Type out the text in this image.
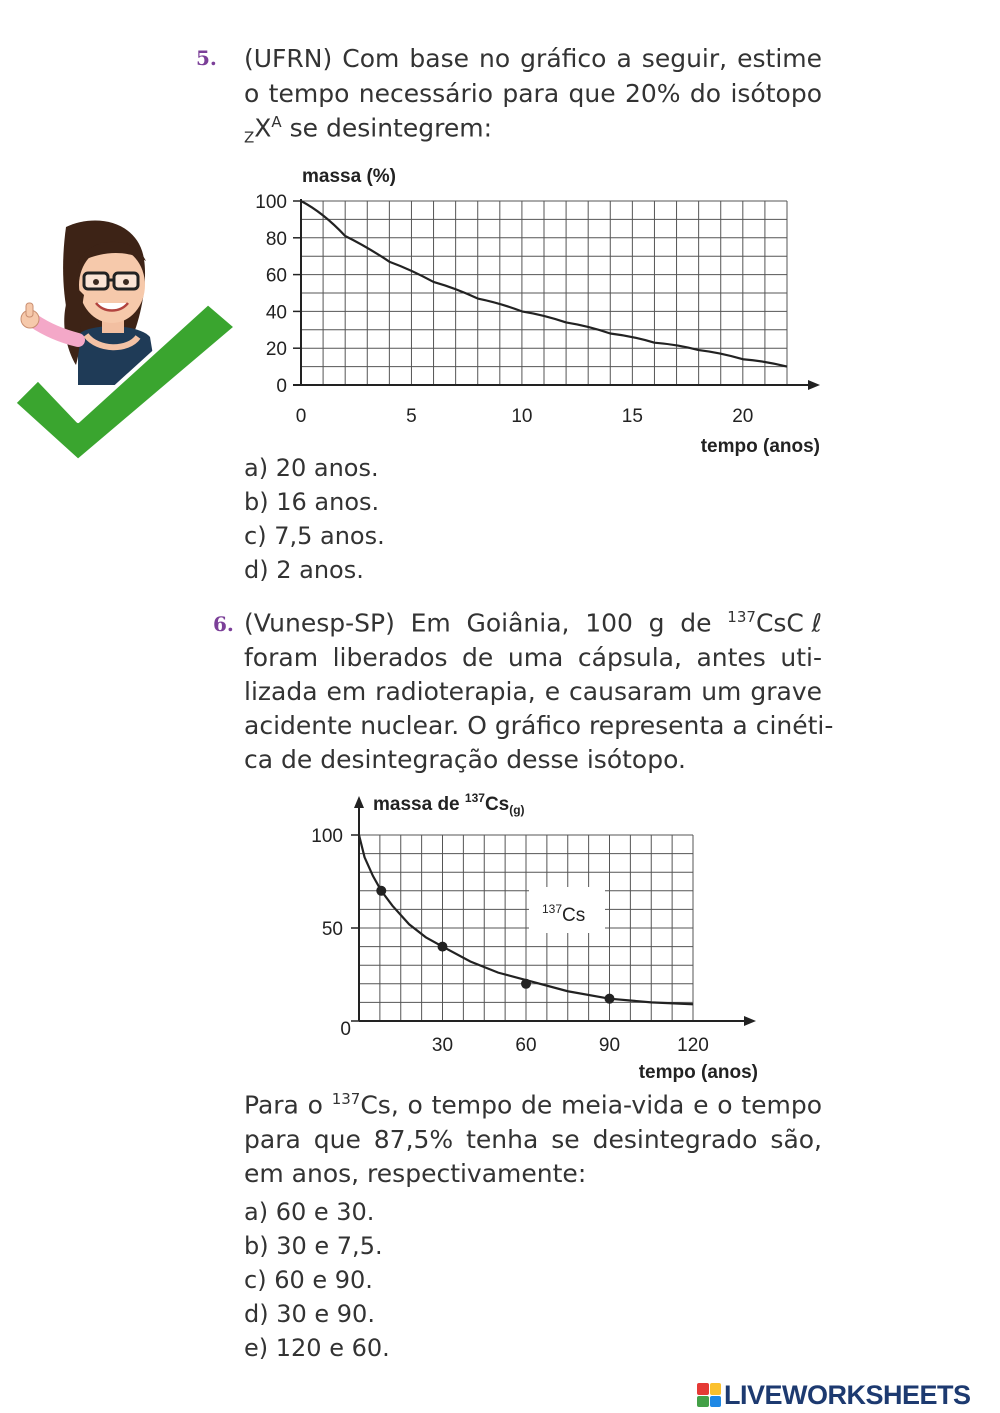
5. (UFRN) Com base no gráfico a seguir, estime
o tempo necessário para que 20% do isótopo
$_ZX^A$ se desintegrem:
0
20
40
60
80
100
0	5	10	15	20
massa (%)
tempo (anos)
a) 20 anos.
b) 16 anos.
c) 7,5 anos.
d) 2 anos.
6. (Vunesp-SP) Em Goiânia, 100 g de $^{137}$CsCℓ
foram liberados de uma cápsula, antes uti-
lizada em radioterapia, e causaram um grave
acidente nuclear. O gráfico representa a cinéti-
ca de desintegração desse isótopo.
0
50
100
30	60	90	120
massa de $^{137}Cs_{(g)}$
tempo (anos)
$^{137}$Cs
Para o $^{137}$Cs, o tempo de meia-vida e o tempo
para que 87,5% tenha se desintegrado são,
em anos, respectivamente:
a) 60 e 30.
b) 30 e 7,5.
c) 60 e 90.
d) 30 e 90.
e) 120 e 60.
LIVEWORKSHEETS
